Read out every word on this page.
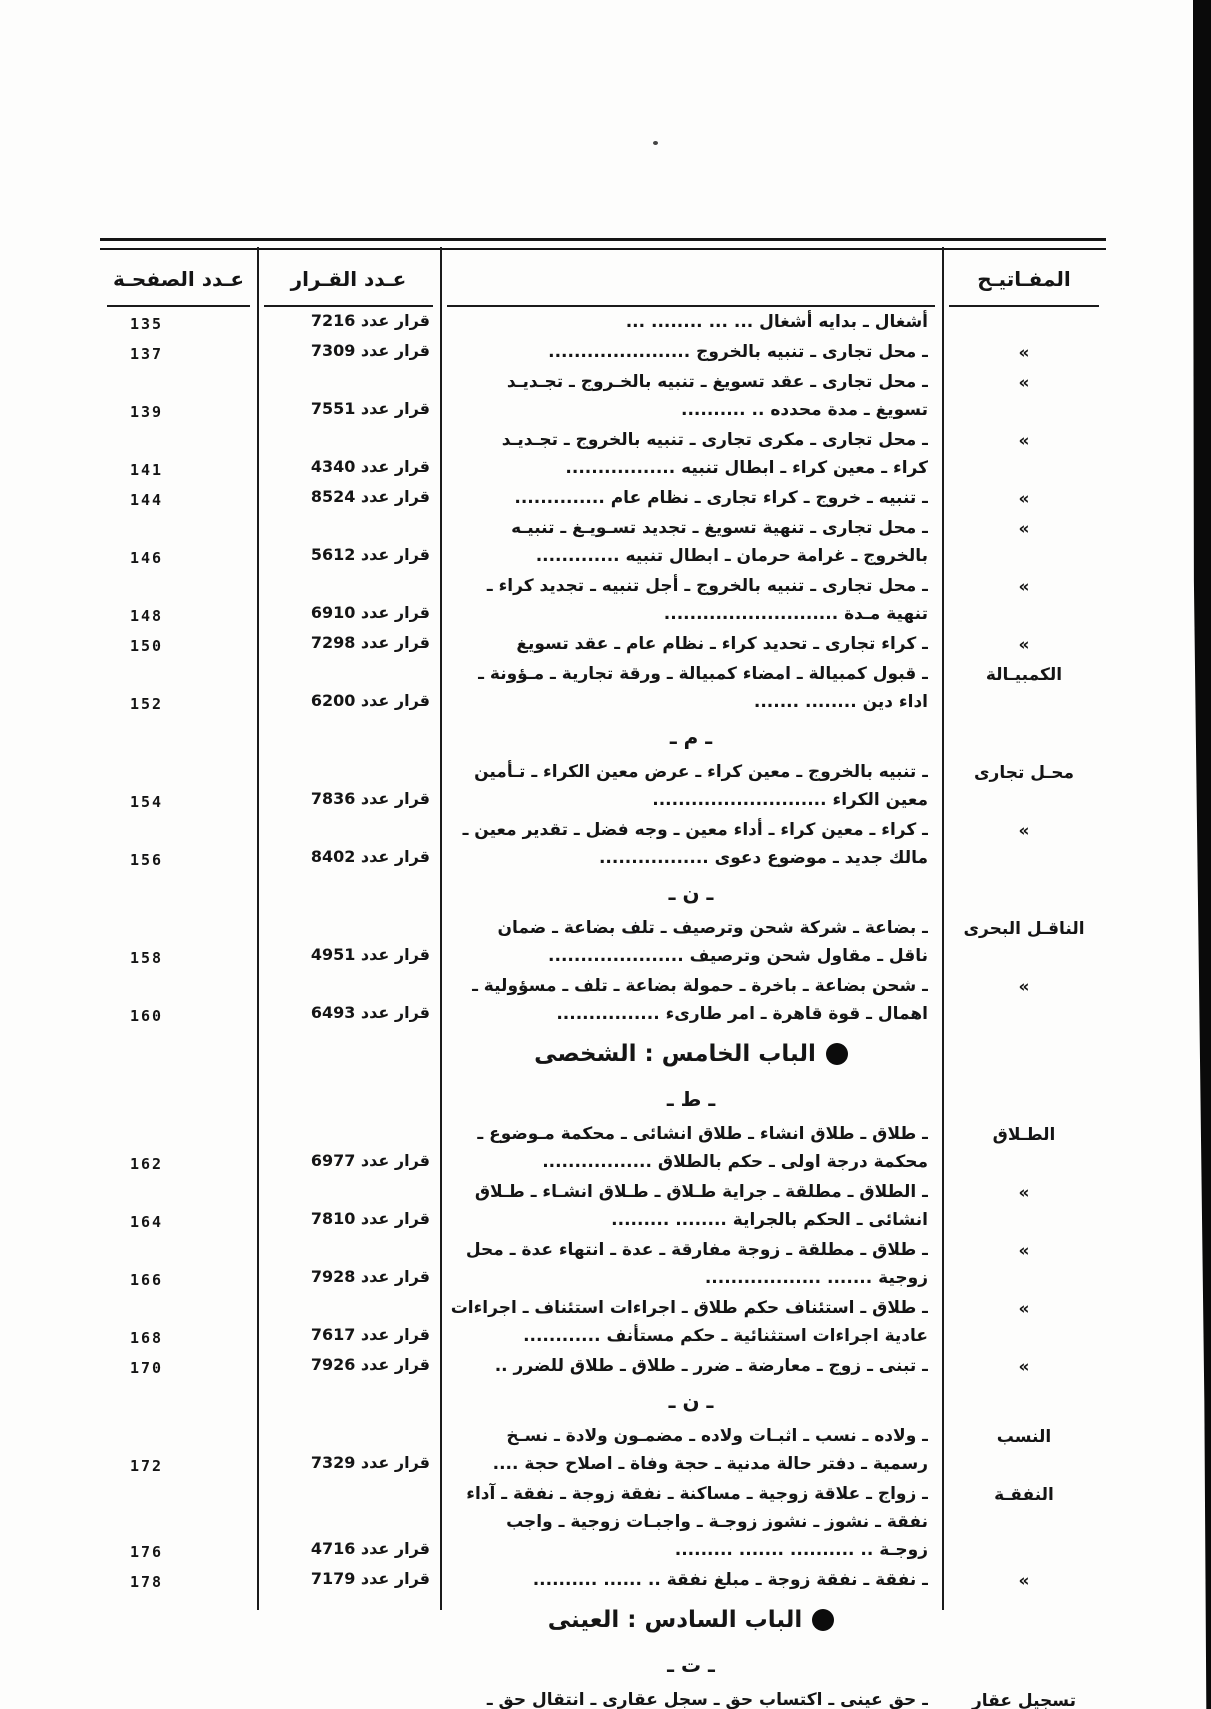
المفـاتيـح
عـدد القـرار
عـدد الصفحـة
أشغال ـ بدايه أشغال ... ... ........ ...
قرار عدد 7216
135
»
ـ محل تجارى ـ تنبيه بالخروج ......................
قرار عدد 7309
137
»
ـ محل تجارى ـ عقد تسويغ ـ تنبيه بالخـروج ـ تجـديـد
تسويغ ـ مدة محدده .. ..........
قرار عدد 7551
139
»
ـ محل تجارى ـ مكرى تجارى ـ تنبيه بالخروج ـ تجـديـد
كراء ـ معين كراء ـ ابطال تنبيه .................
قرار عدد 4340
141
»
ـ تنبيه ـ خروج ـ كراء تجارى ـ نظام عام ..............
قرار عدد 8524
144
»
ـ محل تجارى ـ تنهية تسويغ ـ تجديد تسـويـغ ـ تنبيـه
بالخروج ـ غرامة حرمان ـ ابطال تنبيه .............
قرار عدد 5612
146
»
ـ محل تجارى ـ تنبيه بالخروج ـ أجل تنبيه ـ تجديد كراء ـ
تنهية مـدة ...........................
قرار عدد 6910
148
»
ـ كراء تجارى ـ تحديد كراء ـ نظام عام ـ عقد تسويغ
قرار عدد 7298
150
الكمبيـالة
ـ قبول كمبيالة ـ امضاء كمبيالة ـ ورقة تجارية ـ مـؤونة ـ
اداء دين ........ .......
قرار عدد 6200
152
ـ م ـ
محـل تجارى
ـ تنبيه بالخروج ـ معين كراء ـ عرض معين الكراء ـ تـأمين
معين الكراء ...........................
قرار عدد 7836
154
»
ـ كراء ـ معين كراء ـ أداء معين ـ وجه فضل ـ تقدير معين ـ
مالك جديد ـ موضوع دعوى .................
قرار عدد 8402
156
ـ ن ـ
الناقـل البحرى
ـ بضاعة ـ شركة شحن وترصيف ـ تلف بضاعة ـ ضمان
ناقل ـ مقاول شحن وترصيف .....................
قرار عدد 4951
158
»
ـ شحن بضاعة ـ باخرة ـ حمولة بضاعة ـ تلف ـ مسؤولية ـ
اهمال ـ قوة قاهرة ـ امر طارىء ................
قرار عدد 6493
160
الباب الخامس : الشخصى
ـ ط ـ
الطـلاق
ـ طلاق ـ طلاق انشاء ـ طلاق انشائى ـ محكمة مـوضوع ـ
محكمة درجة اولى ـ حكم بالطلاق .................
قرار عدد 6977
162
»
ـ الطلاق ـ مطلقة ـ جراية طـلاق ـ طـلاق انشـاء ـ طـلاق
انشائى ـ الحكم بالجراية ........ .........
قرار عدد 7810
164
»
ـ طلاق ـ مطلقة ـ زوجة مفارقة ـ عدة ـ انتهاء عدة ـ محل
زوجية ....... ..................
قرار عدد 7928
166
»
ـ طلاق ـ استئناف حكم طلاق ـ اجراءات استئناف ـ اجراءات
عادية اجراءات استثنائية ـ حكم مستأنف ............
قرار عدد 7617
168
»
ـ تبنى ـ زوج ـ معارضة ـ ضرر ـ طلاق ـ طلاق للضرر ..
قرار عدد 7926
170
ـ ن ـ
النسب
ـ ولاده ـ نسب ـ اثبـات ولاده ـ مضمـون ولادة ـ نسـخ
رسمية ـ دفتر حالة مدنية ـ حجة وفاة ـ اصلاح حجة ....
قرار عدد 7329
172
النفقـة
ـ زواج ـ علاقة زوجية ـ مساكنة ـ نفقة زوجة ـ نفقة ـ آداء
نفقة ـ نشوز ـ نشوز زوجـة ـ واجبـات زوجية ـ واجب
زوجـة .. .......... ....... .........
قرار عدد 4716
176
»
ـ نفقة ـ نفقة زوجة ـ مبلغ نفقة .. ...... ..........
قرار عدد 7179
178
الباب السادس : العينى
ـ ت ـ
تسجيل عقار
ـ حق عينى ـ اكتساب حق ـ سجل عقارى ـ انتقال حق ـ
